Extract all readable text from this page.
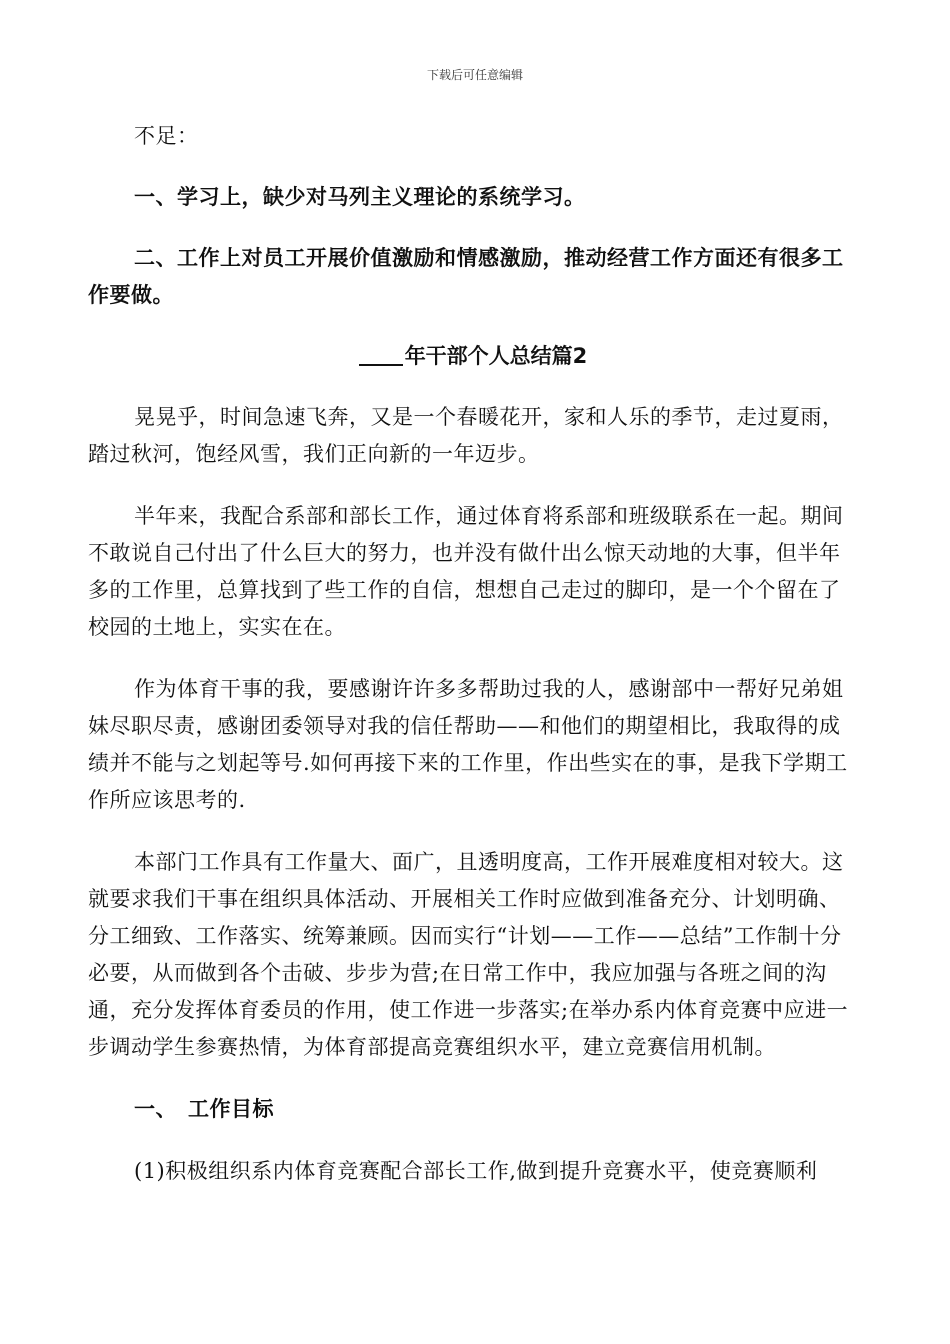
下载后可任意编辑

不足：

一、学习上，缺少对马列主义理论的系统学习。

二、工作上对员工开展价值激励和情感激励，推动经营工作方面还有很多工作要做。

年干部个人总结篇2

晃晃乎，时间急速飞奔，又是一个春暖花开，家和人乐的季节，走过夏雨，踏过秋河，饱经风雪，我们正向新的一年迈步。

半年来，我配合系部和部长工作，通过体育将系部和班级联系在一起。期间不敢说自己付出了什么巨大的努力，也并没有做什出么惊天动地的大事，但半年多的工作里，总算找到了些工作的自信，想想自己走过的脚印，是一个个留在了校园的土地上，实实在在。

作为体育干事的我，要感谢许许多多帮助过我的人，感谢部中一帮好兄弟姐妹尽职尽责，感谢团委领导对我的信任帮助——和他们的期望相比，我取得的成绩并不能与之划起等号.如何再接下来的工作里，作出些实在的事，是我下学期工作所应该思考的.

本部门工作具有工作量大、面广，且透明度高，工作开展难度相对较大。这就要求我们干事在组织具体活动、开展相关工作时应做到准备充分、计划明确、分工细致、工作落实、统筹兼顾。因而实行“计划——工作——总结”工作制十分必要，从而做到各个击破、步步为营;在日常工作中，我应加强与各班之间的沟通，充分发挥体育委员的作用，使工作进一步落实;在举办系内体育竞赛中应进一步调动学生参赛热情，为体育部提高竞赛组织水平，建立竞赛信用机制。

一、　工作目标

(1)积极组织系内体育竞赛配合部长工作,做到提升竞赛水平，使竞赛顺利
